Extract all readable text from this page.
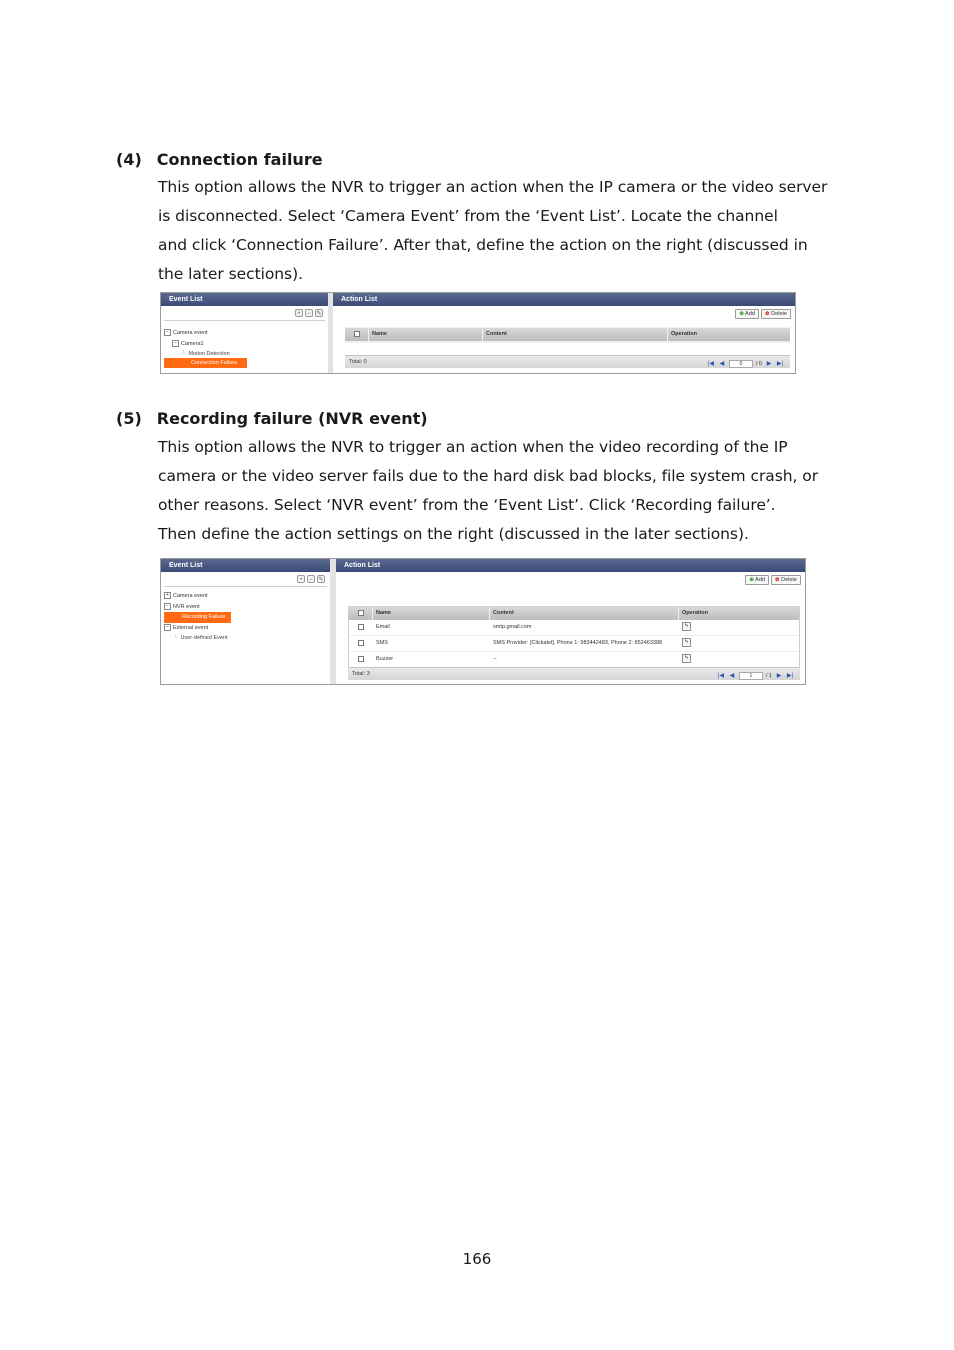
(4) Connection failure
This option allows the NVR to trigger an action when the IP camera or the video server
is disconnected. Select ‘Camera Event’ from the ‘Event List’. Locate the channel
and click ‘Connection Failure’. After that, define the action on the right (discussed in
the later sections).
Event List
+	− ✎
− Camera event
− Camera1
└ Motion Detection
Connection Failure
Action List
⊕ Add	⊗ Delete
Name	Content	Operation
Total: 0	|◀ ◀	0	/ 0 ▶ ▶|
(5) Recording failure (NVR event)
This option allows the NVR to trigger an action when the video recording of the IP
camera or the video server fails due to the hard disk bad blocks, file system crash, or
other reasons. Select ‘NVR event’ from the ‘Event List’. Click ‘Recording failure’.
Then define the action settings on the right (discussed in the later sections).
Event List
+	− ✎
+ Camera event
− NVR event
Recording Failure
− External event
└ User-defined Event
Action List
⊕ Add	⊗ Delete
Name	Content	Operation
Email	smtp.gmail.com	✎
SMS	SMS Provider: [Clickatel], Phone 1: 983442483, Phone 2: 952463388	✎
Buzzer	--	✎
Total: 3	|◀ ◀	1	/ 1 ▶ ▶|
166
